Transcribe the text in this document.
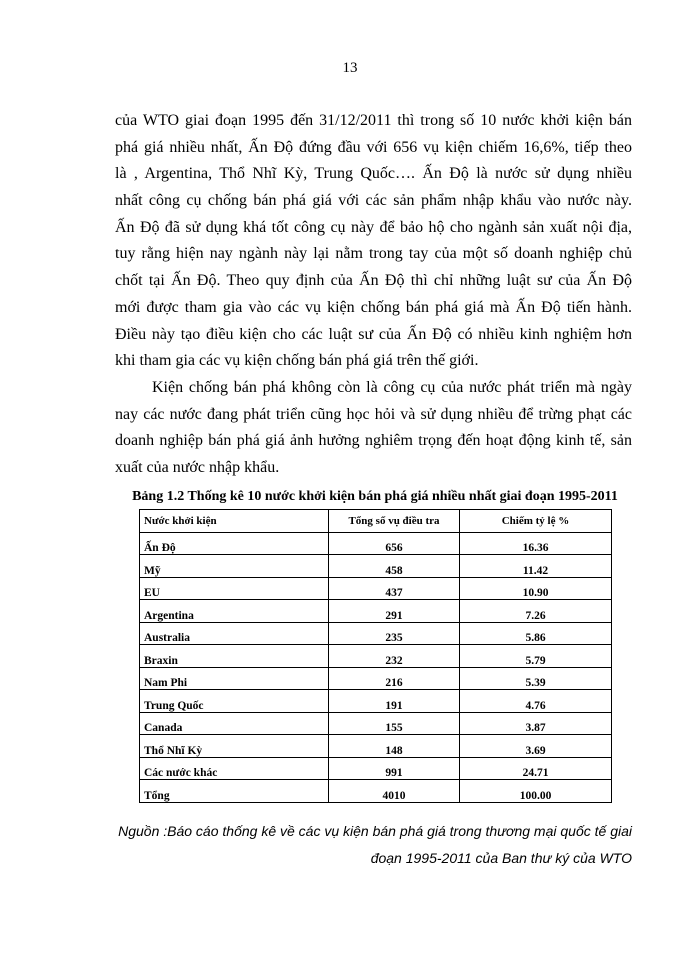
13
của WTO giai đoạn 1995 đến 31/12/2011 thì trong số 10 nước khởi kiện bán
phá giá nhiều nhất, Ấn Độ đứng đầu với 656 vụ kiện chiếm 16,6%, tiếp theo
là , Argentina, Thổ Nhĩ Kỳ, Trung Quốc…. Ấn Độ là nước sử dụng nhiều
nhất công cụ chống bán phá giá với các sản phẩm nhập khẩu vào nước này.
Ấn Độ đã sử dụng khá tốt công cụ này để bảo hộ cho ngành sản xuất nội địa,
tuy rằng hiện nay ngành này lại nằm trong tay của một số doanh nghiệp chủ
chốt tại Ấn Độ. Theo quy định của Ấn Độ thì chỉ những luật sư của Ấn Độ
mới được tham gia vào các vụ kiện chống bán phá giá mà Ấn Độ tiến hành.
Điều này tạo điều kiện cho các luật sư của Ấn Độ có nhiều kinh nghiệm hơn
khi tham gia các vụ kiện chống bán phá giá trên thế giới.
Kiện chống bán phá không còn là công cụ của nước phát triển mà ngày
nay các nước đang phát triển cũng học hỏi và sử dụng nhiều để trừng phạt các
doanh nghiệp bán phá giá ảnh hưởng nghiêm trọng đến hoạt động kinh tế, sản
xuất của nước nhập khẩu.
Bảng 1.2 Thống kê 10 nước khởi kiện bán phá giá nhiều nhất giai đoạn 1995-2011
Nước khởi kiện	Tổng số vụ điều tra	Chiếm tỷ lệ %
Ấn Độ	656	16.36
Mỹ	458	11.42
EU	437	10.90
Argentina	291	7.26
Australia	235	5.86
Braxin	232	5.79
Nam Phi	216	5.39
Trung Quốc	191	4.76
Canada	155	3.87
Thổ Nhĩ Kỳ	148	3.69
Các nước khác	991	24.71
Tổng	4010	100.00
Nguồn :Báo cáo thống kê về các vụ kiện bán phá giá trong thương mại quốc tế giai
đoạn 1995-2011 của Ban thư ký của WTO
